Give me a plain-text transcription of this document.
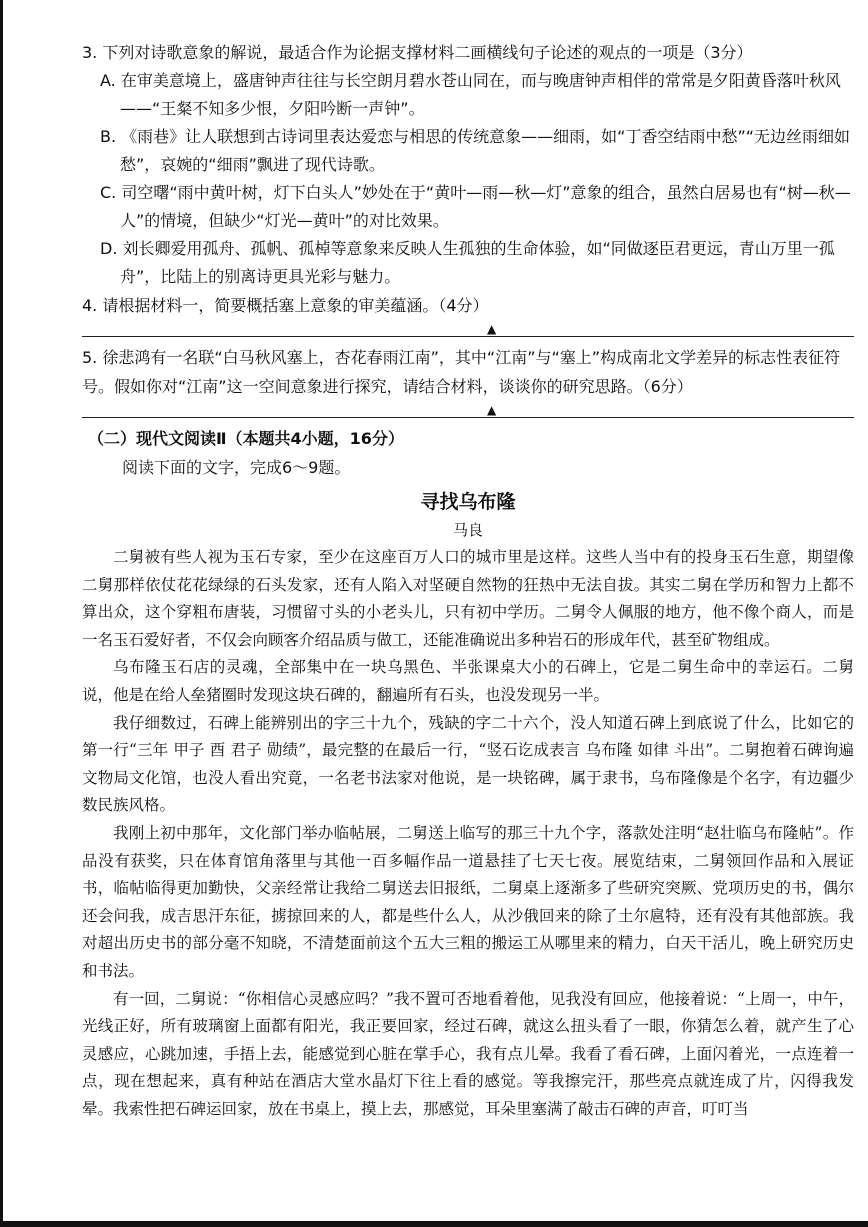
3. 下列对诗歌意象的解说，最适合作为论据支撑材料二画横线句子论述的观点的一项是（3分）

A. 在审美意境上，盛唐钟声往往与长空朗月碧水苍山同在，而与晚唐钟声相伴的常常是夕阳黄昏落叶秋风——“王粲不知多少恨，夕阳吟断一声钟”。

B. 《雨巷》让人联想到古诗词里表达爱恋与相思的传统意象——细雨，如“丁香空结雨中愁”“无边丝雨细如愁”，哀婉的“细雨”飘进了现代诗歌。

C. 司空曙“雨中黄叶树，灯下白头人”妙处在于“黄叶—雨—秋—灯”意象的组合，虽然白居易也有“树—秋—人”的情境，但缺少“灯光—黄叶”的对比效果。

D. 刘长卿爱用孤舟、孤帆、孤棹等意象来反映人生孤独的生命体验，如“同做逐臣君更远，青山万里一孤舟”，比陆上的别离诗更具光彩与魅力。

4. 请根据材料一，简要概括塞上意象的审美蕴涵。（4分）

▲

5. 徐悲鸿有一名联“白马秋风塞上，杏花春雨江南”，其中“江南”与“塞上”构成南北文学差异的标志性表征符号。假如你对“江南”这一空间意象进行探究，请结合材料，谈谈你的研究思路。（6分）

▲

（二）现代文阅读Ⅱ（本题共4小题，16分）

阅读下面的文字，完成6～9题。

寻找乌布隆

马良

二舅被有些人视为玉石专家，至少在这座百万人口的城市里是这样。这些人当中有的投身玉石生意，期望像二舅那样依仗花花绿绿的石头发家，还有人陷入对坚硬自然物的狂热中无法自拔。其实二舅在学历和智力上都不算出众，这个穿粗布唐装，习惯留寸头的小老头儿，只有初中学历。二舅令人佩服的地方，他不像个商人，而是一名玉石爱好者，不仅会向顾客介绍品质与做工，还能准确说出多种岩石的形成年代，甚至矿物组成。

乌布隆玉石店的灵魂，全部集中在一块乌黑色、半张课桌大小的石碑上，它是二舅生命中的幸运石。二舅说，他是在给人垒猪圈时发现这块石碑的，翻遍所有石头，也没发现另一半。

我仔细数过，石碑上能辨别出的字三十九个，残缺的字二十六个，没人知道石碑上到底说了什么，比如它的第一行“三年 甲子 酉 君子 勋绩”，最完整的在最后一行，“竖石讫成表言 乌布隆 如律 斗出”。二舅抱着石碑询遍文物局文化馆，也没人看出究竟，一名老书法家对他说，是一块铭碑，属于隶书，乌布隆像是个名字，有边疆少数民族风格。

我刚上初中那年，文化部门举办临帖展，二舅送上临写的那三十九个字，落款处注明“赵壮临乌布隆帖”。作品没有获奖，只在体育馆角落里与其他一百多幅作品一道悬挂了七天七夜。展览结束，二舅领回作品和入展证书，临帖临得更加勤快，父亲经常让我给二舅送去旧报纸，二舅桌上逐渐多了些研究突厥、党项历史的书，偶尔还会问我，成吉思汗东征，掳掠回来的人，都是些什么人，从沙俄回来的除了土尔扈特，还有没有其他部族。我对超出历史书的部分毫不知晓，不清楚面前这个五大三粗的搬运工从哪里来的精力，白天干活儿，晚上研究历史和书法。

有一回，二舅说：“你相信心灵感应吗？”我不置可否地看着他，见我没有回应，他接着说：“上周一，中午，光线正好，所有玻璃窗上面都有阳光，我正要回家，经过石碑，就这么扭头看了一眼，你猜怎么着，就产生了心灵感应，心跳加速，手捂上去，能感觉到心脏在掌手心，我有点儿晕。我看了看石碑，上面闪着光，一点连着一点，现在想起来，真有种站在酒店大堂水晶灯下往上看的感觉。等我擦完汗，那些亮点就连成了片，闪得我发晕。我索性把石碑运回家，放在书桌上，摸上去，那感觉，耳朵里塞满了敲击石碑的声音，叮叮当
